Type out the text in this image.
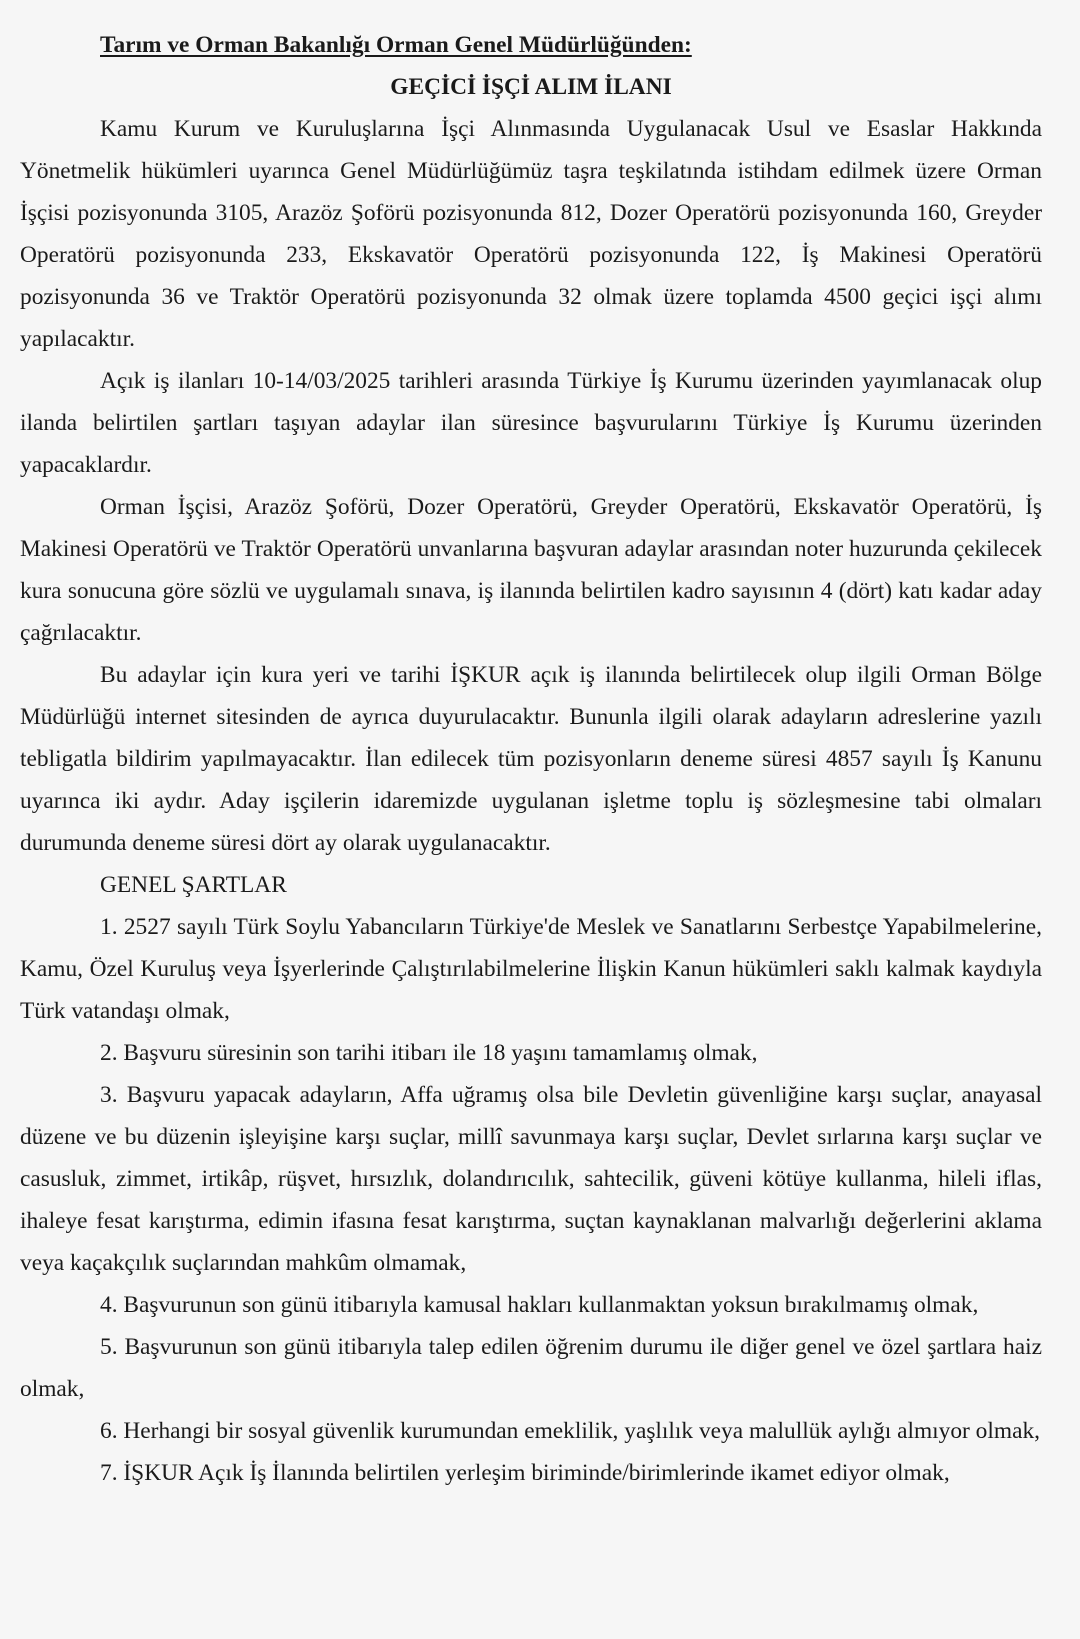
Tarım ve Orman Bakanlığı Orman Genel Müdürlüğünden:

GEÇİCİ İŞÇİ ALIM İLANI

Kamu Kurum ve Kuruluşlarına İşçi Alınmasında Uygulanacak Usul ve Esaslar Hakkında Yönetmelik hükümleri uyarınca Genel Müdürlüğümüz taşra teşkilatında istihdam edilmek üzere Orman İşçisi pozisyonunda 3105, Arazöz Şoförü pozisyonunda 812, Dozer Operatörü pozisyonunda 160, Greyder Operatörü pozisyonunda 233, Ekskavatör Operatörü pozisyonunda 122, İş Makinesi Operatörü pozisyonunda 36 ve Traktör Operatörü pozisyonunda 32 olmak üzere toplamda 4500 geçici işçi alımı yapılacaktır.

Açık iş ilanları 10-14/03/2025 tarihleri arasında Türkiye İş Kurumu üzerinden yayımlanacak olup ilanda belirtilen şartları taşıyan adaylar ilan süresince başvurularını Türkiye İş Kurumu üzerinden yapacaklardır.

Orman İşçisi, Arazöz Şoförü, Dozer Operatörü, Greyder Operatörü, Ekskavatör Operatörü, İş Makinesi Operatörü ve Traktör Operatörü unvanlarına başvuran adaylar arasından noter huzurunda çekilecek kura sonucuna göre sözlü ve uygulamalı sınava, iş ilanında belirtilen kadro sayısının 4 (dört) katı kadar aday çağrılacaktır.

Bu adaylar için kura yeri ve tarihi İŞKUR açık iş ilanında belirtilecek olup ilgili Orman Bölge Müdürlüğü internet sitesinden de ayrıca duyurulacaktır. Bununla ilgili olarak adayların adreslerine yazılı tebligatla bildirim yapılmayacaktır. İlan edilecek tüm pozisyonların deneme süresi 4857 sayılı İş Kanunu uyarınca iki aydır. Aday işçilerin idaremizde uygulanan işletme toplu iş sözleşmesine tabi olmaları durumunda deneme süresi dört ay olarak uygulanacaktır.

GENEL ŞARTLAR

1. 2527 sayılı Türk Soylu Yabancıların Türkiye'de Meslek ve Sanatlarını Serbestçe Yapabilmelerine, Kamu, Özel Kuruluş veya İşyerlerinde Çalıştırılabilmelerine İlişkin Kanun hükümleri saklı kalmak kaydıyla Türk vatandaşı olmak,

2. Başvuru süresinin son tarihi itibarı ile 18 yaşını tamamlamış olmak,

3. Başvuru yapacak adayların, Affa uğramış olsa bile Devletin güvenliğine karşı suçlar, anayasal düzene ve bu düzenin işleyişine karşı suçlar, millî savunmaya karşı suçlar, Devlet sırlarına karşı suçlar ve casusluk, zimmet, irtikâp, rüşvet, hırsızlık, dolandırıcılık, sahtecilik, güveni kötüye kullanma, hileli iflas, ihaleye fesat karıştırma, edimin ifasına fesat karıştırma, suçtan kaynaklanan malvarlığı değerlerini aklama veya kaçakçılık suçlarından mahkûm olmamak,

4. Başvurunun son günü itibarıyla kamusal hakları kullanmaktan yoksun bırakılmamış olmak,

5. Başvurunun son günü itibarıyla talep edilen öğrenim durumu ile diğer genel ve özel şartlara haiz olmak,

6. Herhangi bir sosyal güvenlik kurumundan emeklilik, yaşlılık veya malullük aylığı almıyor olmak,

7. İŞKUR Açık İş İlanında belirtilen yerleşim biriminde/birimlerinde ikamet ediyor olmak,
